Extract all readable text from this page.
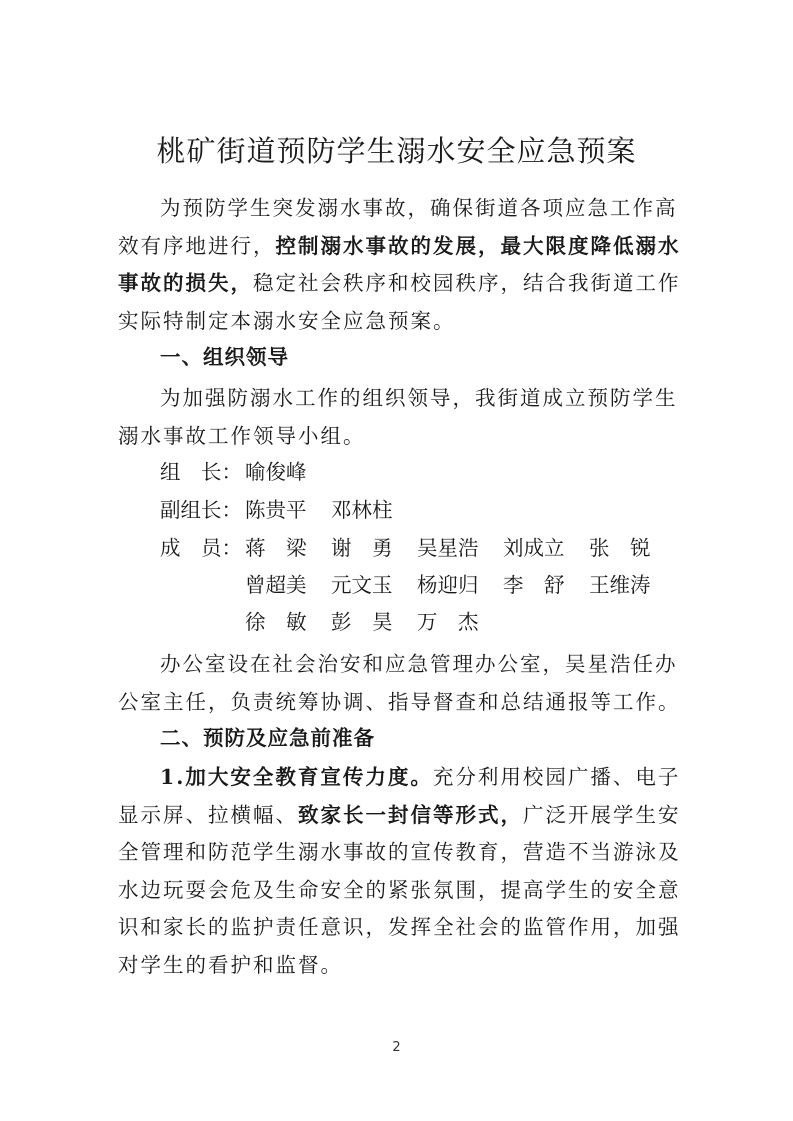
桃矿街道预防学生溺水安全应急预案

为预防学生突发溺水事故，确保街道各项应急工作高效有序地进行，控制溺水事故的发展，最大限度降低溺水事故的损失，稳定社会秩序和校园秩序，结合我街道工作实际特制定本溺水安全应急预案。

一、组织领导

为加强防溺水工作的组织领导，我街道成立预防学生溺水事故工作领导小组。

组　长： 喻俊峰
副组长： 陈贵平 邓林柱
成　员： 蒋　梁 谢　勇 吴星浩 刘成立 张　锐
曾超美 元文玉 杨迎归 李　舒 王维涛
徐　敏 彭　昊 万　杰

办公室设在社会治安和应急管理办公室，吴星浩任办公室主任，负责统筹协调、指导督查和总结通报等工作。

二、预防及应急前准备

1.加大安全教育宣传力度。充分利用校园广播、电子显示屏、拉横幅、致家长一封信等形式，广泛开展学生安全管理和防范学生溺水事故的宣传教育，营造不当游泳及水边玩耍会危及生命安全的紧张氛围，提高学生的安全意识和家长的监护责任意识，发挥全社会的监管作用，加强对学生的看护和监督。

2
